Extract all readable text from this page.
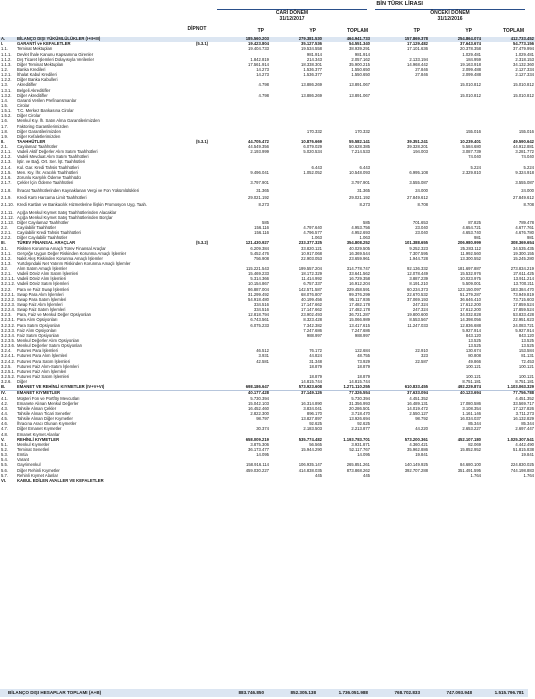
BİN TÜRK LİRASI
CARİ DÖNEM
31/12/2017
ÖNCEKİ DÖNEM
31/12/2016
DİPNOT	TP	YP	TOPLAM	TP	YP	TOPLAM
A.	BİLANÇO DIŞI YÜKÜMLÜLÜKLER (I+II+III)		185.560.203	279.381.530	464.941.733	157.869.378	254.864.074	412.733.452
I.	GARANTİ ve KEFALETLER	(5.3.1)	19.423.804	35.127.536	54.551.340	17.129.482	37.643.674	54.773.156
1.1.	Teminat Mektupları		19.404.733	19.534.558	38.939.291	17.101.636	20.378.358	37.479.994
1.1.1.	Devlet İhale Kanunu Kapsamına Girenler			981.914	981.914		1.029.481	1.029.481
1.1.2.	Dış Ticaret İşlemleri Dolayısıyla Verilenler		1.842.819	214.343	2.057.162	2.133.194	184.959	2.318.153
1.1.3.	Diğer Teminat Mektupları		17.561.914	18.338.301	35.900.215	14.968.442	19.163.918	34.132.360
1.2.	Banka Kredileri		14.273	1.536.377	1.550.650	27.846	2.099.488	2.127.334
1.2.1.	İthalat Kabul Kredileri		14.273	1.536.377	1.550.650	27.846	2.099.488	2.127.334
1.2.2.	Diğer Banka Kabulleri							
1.3.	Akreditifler		4.798	13.886.269	13.891.067		15.010.812	15.010.812
1.3.1.	Belgeli Akreditifler							
1.3.2.	Diğer Akreditifler		4.798	13.886.269	13.891.067		15.010.812	15.010.812
1.4.	Garanti Verilen Prefinansmanlar							
1.5.	Cirolar							
1.5.1.	T.C. Merkez Bankasına Cirolar							
1.5.2.	Diğer Cirolar							
1.6.	Menkul Kıy. İh. Satın Alma Garantilerimizden							
1.7.	Faktoring Garantilerimizden							
1.8.	Diğer Garantilerimizden			170.332	170.332		155.016	155.016
1.9.	Diğer Kefaletlerimizden							
II.	TAAHHÜTLER	(5.3.1)	44.705.472	10.876.669	55.582.141	39.351.241	10.239.401	49.590.642
2.1.	Cayılamaz Taahhütler		44.549.356	6.079.029	50.628.385	39.328.201	5.584.680	44.912.881
2.1.1.	Vadeli Aktif Değerler Alım Satım Taahhütleri		2.193.999	5.020.534	7.214.533	194.003	3.087.739	3.281.772
2.1.2.	Vadeli Mevduat Alım Satım Taahhütleri						74.040	74.040
2.1.3.	İştir. ve Bağ. Ort. Ser. İşt. Taahhütleri							
2.1.4.	Kul. Gar. Kredi Tahsis Taahhütleri			6.443	6.443		5.224	5.224
2.1.5.	Men. Kıy. İhr. Aracılık Taahhütleri		9.496.041	1.052.052	10.548.093	6.995.108	2.329.810	9.324.918
2.1.6.	Zorunlu Karşılık Ödeme Taahhüdü							
2.1.7.	Çekler İçin Ödeme Taahhütleri		3.797.901		3.797.901	3.555.087		3.555.087
2.1.8.	İhracat Taahhütlerinden Kaynaklanan Vergi ve Fon Yükümlülükleri		31.365		31.365	24.000		24.000
2.1.9.	Kredi Kartı Harcama Limit Taahhütleri		29.021.192		29.021.192	27.849.612		27.849.612
2.1.10.	Kredi Kartları ve Bankacılık Hizmetlerine İlişkin Promosyon Uyg. Taah.		8.273		8.273	8.708		8.708
2.1.11.	Açığa Menkul Kıymet Satış Taahhütlerinden Alacaklar							
2.1.12.	Açığa Menkul Kıymet Satış Taahhütlerinden Borçlar							
2.1.13.	Diğer Cayılamaz Taahhütler		585		585	701.653	87.825	789.478
2.2.	Cayılabilir Taahhütler		156.116	4.797.640	4.953.756	23.040	4.654.721	4.677.761
2.2.1.	Cayılabilir Kredi Tahsis Taahhütleri		156.116	4.796.577	4.952.693	23.040	4.653.740	4.676.780
2.2.2.	Diğer Cayılabilir Taahhütler			1.063	1.063		981	981
III.	TÜREV FİNANSAL ARAÇLAR	(5.3.2)	121.430.927	233.377.325	354.808.252	101.388.655	206.980.999	308.369.654
3.1.	Riskten Korunma Amaçlı Türev Finansal Araçlar		6.209.384	33.820.121	40.029.505	9.252.323	25.283.112	34.535.435
3.1.1.	Gerçeğe Uygun Değer Riskinden Korunma Amaçlı İşlemler		5.452.476	10.917.068	16.369.544	7.307.595	11.992.560	19.300.155
3.1.2.	Nakit Akış Riskinden Korunma Amaçlı İşlemler		756.908	22.903.053	23.659.961	1.944.728	13.300.552	15.245.280
3.1.3.	Yurtdışındaki Net Yatırım Riskinden Korunma Amaçlı İşlemler							
3.2.	Alım Satım Amaçlı İşlemler		115.221.543	199.557.204	314.778.747	92.136.332	181.697.887	273.834.219
3.2.1.	Vadeli Döviz Alım Satım İşlemleri		15.469.233	18.172.329	33.641.562	12.078.449	15.532.976	27.611.425
3.2.1.1.	Vadeli Döviz Alım İşlemleri		5.314.366	11.414.992	16.729.358	3.887.239	10.023.975	13.911.214
3.2.1.2.	Vadeli Döviz Satım İşlemleri		10.154.867	6.757.337	16.912.204	8.191.210	5.509.001	13.700.211
3.2.2.	Para ve Faiz Swap İşlemleri		86.887.004	142.571.587	229.458.591	60.234.373	123.150.097	183.384.470
3.2.2.1.	Swap Para Alım İşlemleri		31.299.492	68.076.807	99.376.299	22.670.532	51.279.287	73.949.819
3.2.2.2.	Swap Para Satım İşlemleri		54.918.480	40.199.456	95.117.936	37.069.193	36.646.410	73.715.603
3.2.2.3.	Swap Faiz Alım İşlemleri		334.516	17.147.662	17.482.178	247.324	17.612.200	17.859.524
3.2.2.4.	Swap Faiz Satım İşlemleri		334.516	17.147.662	17.482.178	247.324	17.612.200	17.859.524
3.2.3.	Para, Faiz ve Menkul Değer Opsiyonları		12.818.794	23.902.493	36.721.287	19.800.600	34.032.828	53.833.428
3.2.3.1.	Para Alım Opsiyonları		6.743.561	8.323.428	15.066.989	8.553.567	14.398.056	22.951.623
3.2.3.2.	Para Satım Opsiyonları		6.075.233	7.342.382	13.417.615	11.247.033	12.836.688	24.083.721
3.2.3.3.	Faiz Alım Opsiyonları			7.247.686	7.247.686		5.927.914	5.927.914
3.2.3.4.	Faiz Satım Opsiyonları			988.997	988.997		843.120	843.120
3.2.3.5.	Menkul Değerler Alım Opsiyonları						13.525	13.525
3.2.3.6.	Menkul Değerler Satım Opsiyonları						13.525	13.525
3.2.4.	Futures Para İşlemleri		46.512	76.172	122.684	22.910	130.674	153.584
3.2.4.1.	Futures Para Alım İşlemleri		3.931	44.824	48.755	323	80.808	81.131
3.2.4.2.	Futures Para Satım İşlemleri		42.581	31.348	73.929	22.587	49.866	72.453
3.2.5.	Futures Faiz Alım-Satım İşlemleri			18.879	18.879		100.121	100.121
3.2.5.1.	Futures Faiz Alım İşlemleri							
3.2.5.2.	Futures Faiz Satım İşlemleri			18.879	18.879		100.121	100.121
3.2.6.	Diğer			14.815.744	14.815.744		8.751.181	8.751.181
B.	EMANET VE REHİNLİ KIYMETLER (IV+V+VI)		698.186.647	573.923.608	1.271.110.255	610.833.455	492.229.874	1.103.063.329
IV.	EMANET KIYMETLER		40.177.428	37.149.126	77.326.554	37.633.094	40.123.694	77.756.788
4.1.	Müşteri Fon ve Portföy Mevcutları		5.730.394		5.730.394	4.451.352		4.451.352
4.2.	Emanete Alınan Menkul Değerler		15.042.103	16.314.890	31.356.993	16.489.131	17.080.586	33.569.717
4.3.	Tahsile Alınan Çekler		16.452.460	3.834.041	20.286.501	14.019.472	3.108.354	17.127.826
4.4.	Tahsile Alınan Ticari Senetler		2.822.300	896.170	3.718.470	2.550.127	1.161.146	3.711.273
4.5.	Tahsile Alınan Diğer Kıymetler		98.797	13.827.897	13.926.694	98.792	16.034.037	16.132.829
4.6.	İhracına Aracı Olunan Kıymetler			92.625	92.625		85.344	85.344
4.7.	Diğer Emanet Kıymetler		30.374	2.183.503	2.213.877	44.220	2.653.227	2.697.447
4.8.	Emanet Kıymet Alanlar							
V.	REHİNLİ KIYMETLER		658.009.219	535.774.482	1.193.783.701	573.200.361	452.107.180	1.025.307.541
5.1.	Menkul Kıymetler		3.875.306	56.565	3.931.871	4.360.421	82.069	4.442.490
5.2.	Teminat Senetleri		36.173.477	15.944.290	52.117.767	35.962.886	15.852.952	51.815.838
5.3.	Emtia		14.095		14.095	19.841		19.841
5.4.	Varant							
5.5.	Gayrimenkul		158.916.114	106.935.147	265.851.261	140.149.925	84.680.100	224.830.025
5.6.	Diğer Rehinli Kıymetler		459.030.227	414.838.035	873.868.262	392.707.288	351.491.595	744.198.883
5.7.	Rehinli Kıymet Alanlar			445	445		1.764	1.764
VI.	KABUL EDİLEN AVALLER VE KEFALETLER							
BİLANÇO DIŞI HESAPLAR TOPLAMI (A+B)	883.746.850	852.305.138	1.736.051.988	768.702.833	747.093.948	1.515.796.781
